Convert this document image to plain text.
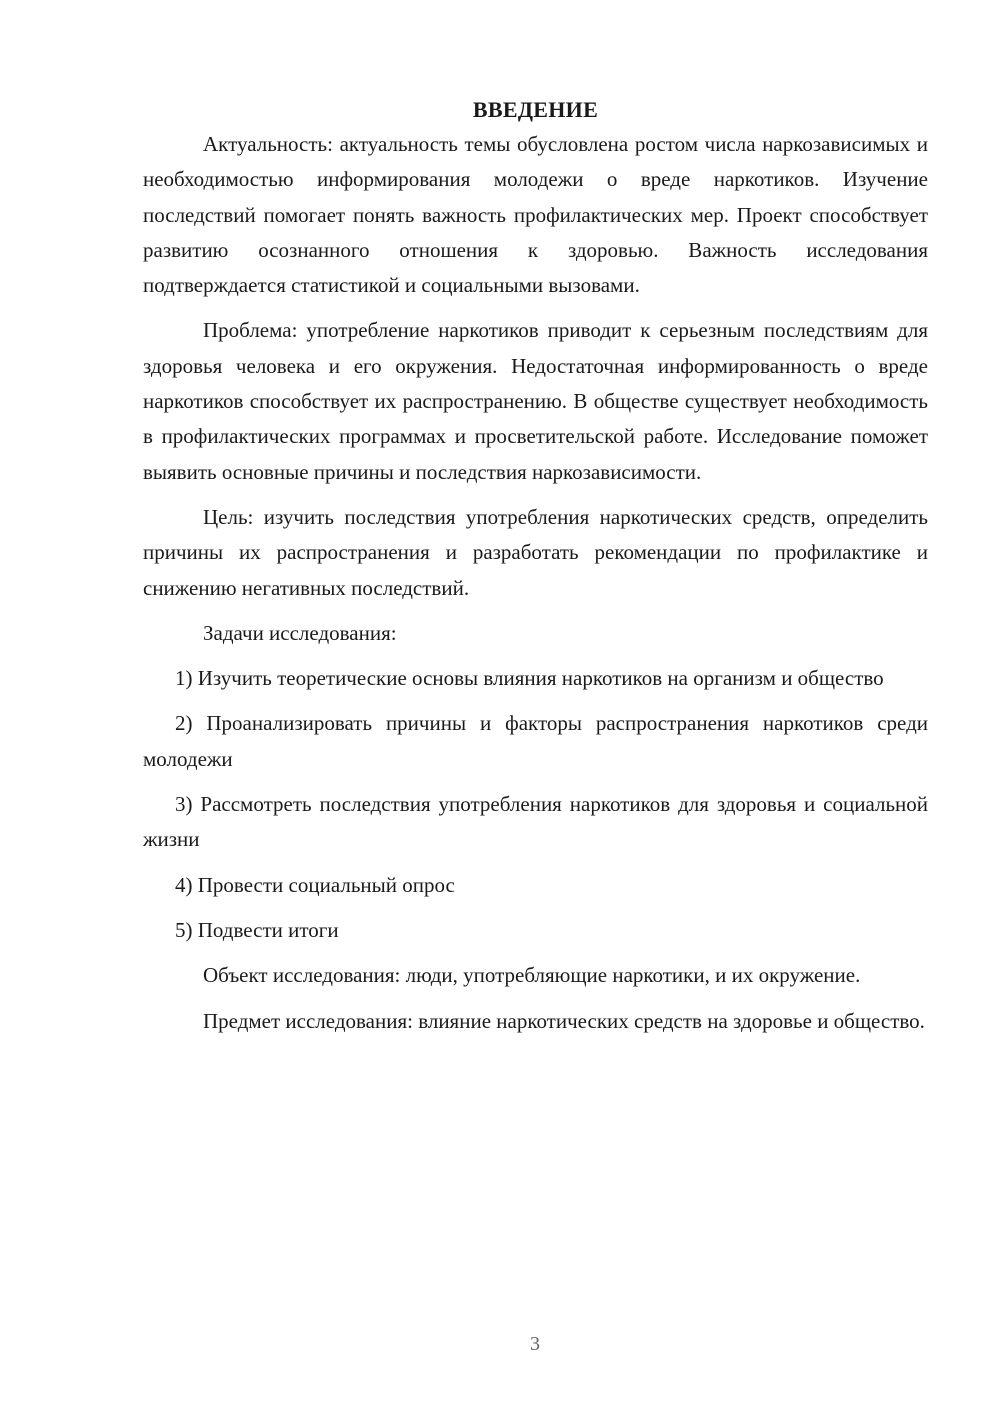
ВВЕДЕНИЕ

Актуальность: актуальность темы обусловлена ростом числа наркозависимых и необходимостью информирования молодежи о вреде наркотиков. Изучение последствий помогает понять важность профилактических мер. Проект способствует развитию осознанного отношения к здоровью. Важность исследования подтверждается статистикой и социальными вызовами.

Проблема: употребление наркотиков приводит к серьезным последствиям для здоровья человека и его окружения. Недостаточная информированность о вреде наркотиков способствует их распространению. В обществе существует необходимость в профилактических программах и просветительской работе. Исследование поможет выявить основные причины и последствия наркозависимости.

Цель: изучить последствия употребления наркотических средств, определить причины их распространения и разработать рекомендации по профилактике и снижению негативных последствий.

Задачи исследования:

1) Изучить теоретические основы влияния наркотиков на организм и общество

2) Проанализировать причины и факторы распространения наркотиков среди молодежи

3) Рассмотреть последствия употребления наркотиков для здоровья и социальной жизни

4) Провести социальный опрос

5) Подвести итоги

Объект исследования: люди, употребляющие наркотики, и их окружение.

Предмет исследования: влияние наркотических средств на здоровье и общество.

3
